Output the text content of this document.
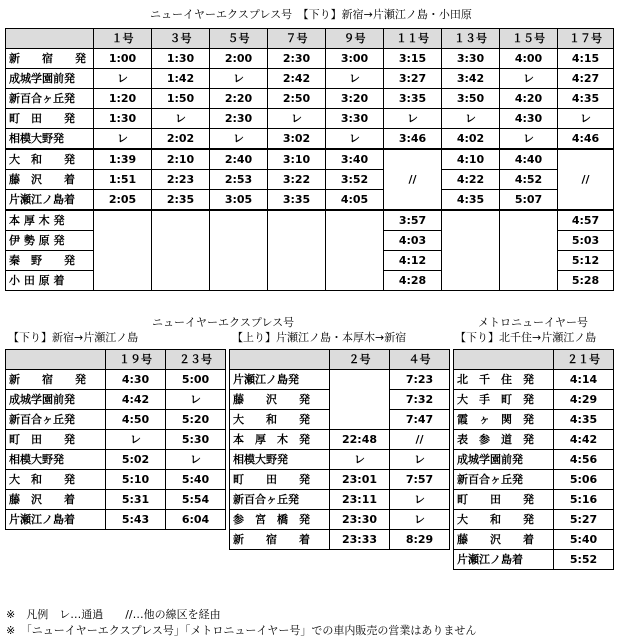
ニューイヤーエクスプレス号　【下り】新宿→片瀬江ノ島・小田原
	１号	３号	５号	７号	９号	１１号	１３号	１５号	１７号
新　　宿　　発	1:00	1:30	2:00	2:30	3:00	3:15	3:30	4:00	4:15
成城学園前発	レ	1:42	レ	2:42	レ	3:27	3:42	レ	4:27
新百合ヶ丘発	1:20	1:50	2:20	2:50	3:20	3:35	3:50	4:20	4:35
町　田　　発	1:30	レ	2:30	レ	3:30	レ	レ	4:30	レ
相模大野発	レ	2:02	レ	3:02	レ	3:46	4:02	レ	4:46
大　和　　発	1:39	2:10	2:40	3:10	3:40		4:10	4:40	
藤　沢　　着	1:51	2:23	2:53	3:22	3:52	//	4:22	4:52	//
片瀬江ノ島着	2:05	2:35	3:05	3:35	4:05		4:35	5:07	
本 厚 木 発						3:57			4:57
伊 勢 原 発						4:03			5:03
秦　野　　発						4:12			5:12
小 田 原 着						4:28			5:28
ニューイヤーエクスプレス号	メトロニューイヤー号
【下り】新宿→片瀬江ノ島	【上り】片瀬江ノ島・本厚木→新宿	【下り】北千住→片瀬江ノ島
	１９号	２３号
新　　宿　　発	4:30	5:00
成城学園前発	4:42	レ
新百合ヶ丘発	4:50	5:20
町　田　　発	レ	5:30
相模大野発	5:02	レ
大　和　　発	5:10	5:40
藤　沢　　着	5:31	5:54
片瀬江ノ島着	5:43	6:04
	２号	４号
片瀬江ノ島発		7:23
藤　　沢　　発		7:32
大　　和　　発		7:47
本　厚　木　発	22:48	//
相模大野発	レ	レ
町　　田　　発	23:01	7:57
新百合ヶ丘発	23:11	レ
参　宮　橋　発	23:30	レ
新　　宿　　着	23:33	8:29
	２１号
北　千　住　発	4:14
大　手　町　発	4:29
霞　ヶ　関　発	4:35
表　参　道　発	4:42
成城学園前発	4:56
新百合ヶ丘発	5:06
町　　田　　発	5:16
大　　和　　発	5:27
藤　　沢　　着	5:40
片瀬江ノ島着	5:52
※　凡例　レ…通過　　//…他の線区を経由
※　「ニューイヤーエクスプレス号」「メトロニューイヤー号」での車内販売の営業はありません
